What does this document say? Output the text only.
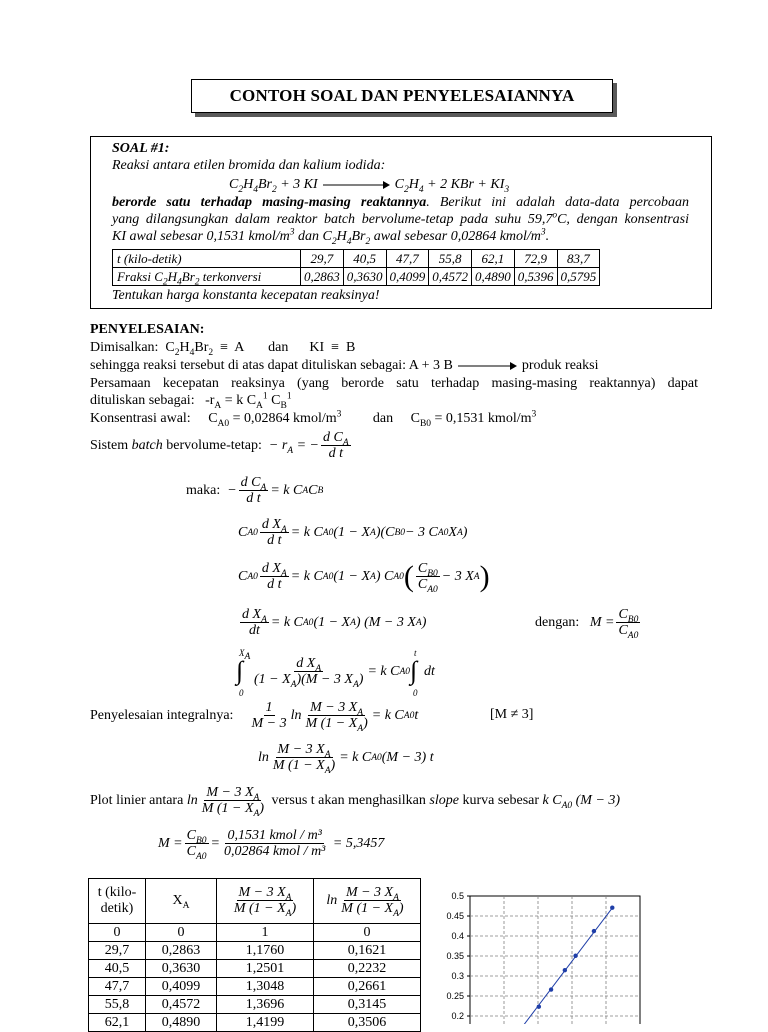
CONTOH SOAL DAN PENYELESAIANNYA
SOAL #1:
Reaksi antara etilen bromida dan kalium iodida:
$C_2H_4Br_2 + 3$ KI	$C_2H_4 + 2$ KBr + $KI_3$
berorde satu terhadap masing-masing reaktannya. Berikut ini adalah data-data percobaan
yang dilangsungkan dalam reaktor batch bervolume-tetap pada suhu 59,7$^o$C, dengan konsentrasi
KI awal sebesar 0,1531 kmol/$m^3$ dan $C_2H_4Br_2$ awal sebesar 0,02864 kmol/$m^3$.
t (kilo-detik)	29,7	40,5	47,7	55,8	62,1	72,9	83,7
Fraksi $C_2H_4Br_2$ terkonversi	0,2863	0,3630	0,4099	0,4572	0,4890	0,5396	0,5795
Tentukan harga konstanta kecepatan reaksinya!
PENYELESAIAN:
Dimisalkan:  $C_2H_4Br_2 \equiv A$       dan      KI  ≡  B
sehingga reaksi tersebut di atas dapat dituliskan sebagai: A + 3 B	produk reaksi
Persamaan kecepatan reaksinya (yang berorde satu terhadap masing-masing reaktannya) dapat
dituliskan sebagai:   $-r_A = k$ $C_A^1$ $C_B^1$
Konsentrasi awal:     $C_{A0} = 0,02864$ kmol/$m^3$         dan     $C_{B0} = 0,1531$ kmol/$m^3$
Sistem batch bervolume-tetap: − $r_A$ = − $\frac{d C_A}{\text{d t}}$
maka: − $\frac{d C_A}{\text{d t}} = k$ C A C B
C $A0 \frac{d X_A}{\text{d t}} = k$ C A0 (1 − X A )(C B0 − 3 C A0 X A )
C $A0 \frac{d X_A}{\text{d t}} = k$ C A0 (1 − X A ) C A0 ( $\frac{C_{B0}}{C_{A0}} - 3$ X A )
$\frac{d X_A}{dt} = k$ C A0 (1 − X A ) (M − 3 X A )	dengan: $M = \frac{C_{B0}}{C_{A0}}$
$X_A$
∫
0
$\frac{d X_A}{(1 - X_A)(M - 3 X_A)} = k$ C A0
t
∫
0
dt
Penyelesaian integralnya:
$\frac{1}{M - 3}$ $\ln \frac{M - 3 X_A}{M (1 - X_A)} = k$ C A0 t	[M ≠ 3]
$\ln \frac{M - 3 X_A}{M (1 - X_A)} = k$ C A0 (M − 3) t
Plot linier antara
$\ln \frac{M - 3 X_A}{M (1 - X_A)}$
versus t akan menghasilkan
slope
kurva sebesar
k $C_{A0}$ (M − 3)
$M = \frac{C_{B0}}{C_{A0}} = \frac{\text{0,1531 kmol / m³}}{\text{0,02864 kmol / m³}}$
= 5,3457
t (kilo-
detik)	$X_A$	$\frac{M - 3 X_A}{M (1 - X_A)}$	$\ln \frac{M - 3 X_A}{M (1 - X_A)}$

0	0	1	0
29,7	0,2863	1,1760	0,1621
40,5	0,3630	1,2501	0,2232
47,7	0,4099	1,3048	0,2661
55,8	0,4572	1,3696	0,3145
62,1	0,4890	1,4199	0,3506
0.5
0.45
0.4
0.35
0.3
0.25
0.2
